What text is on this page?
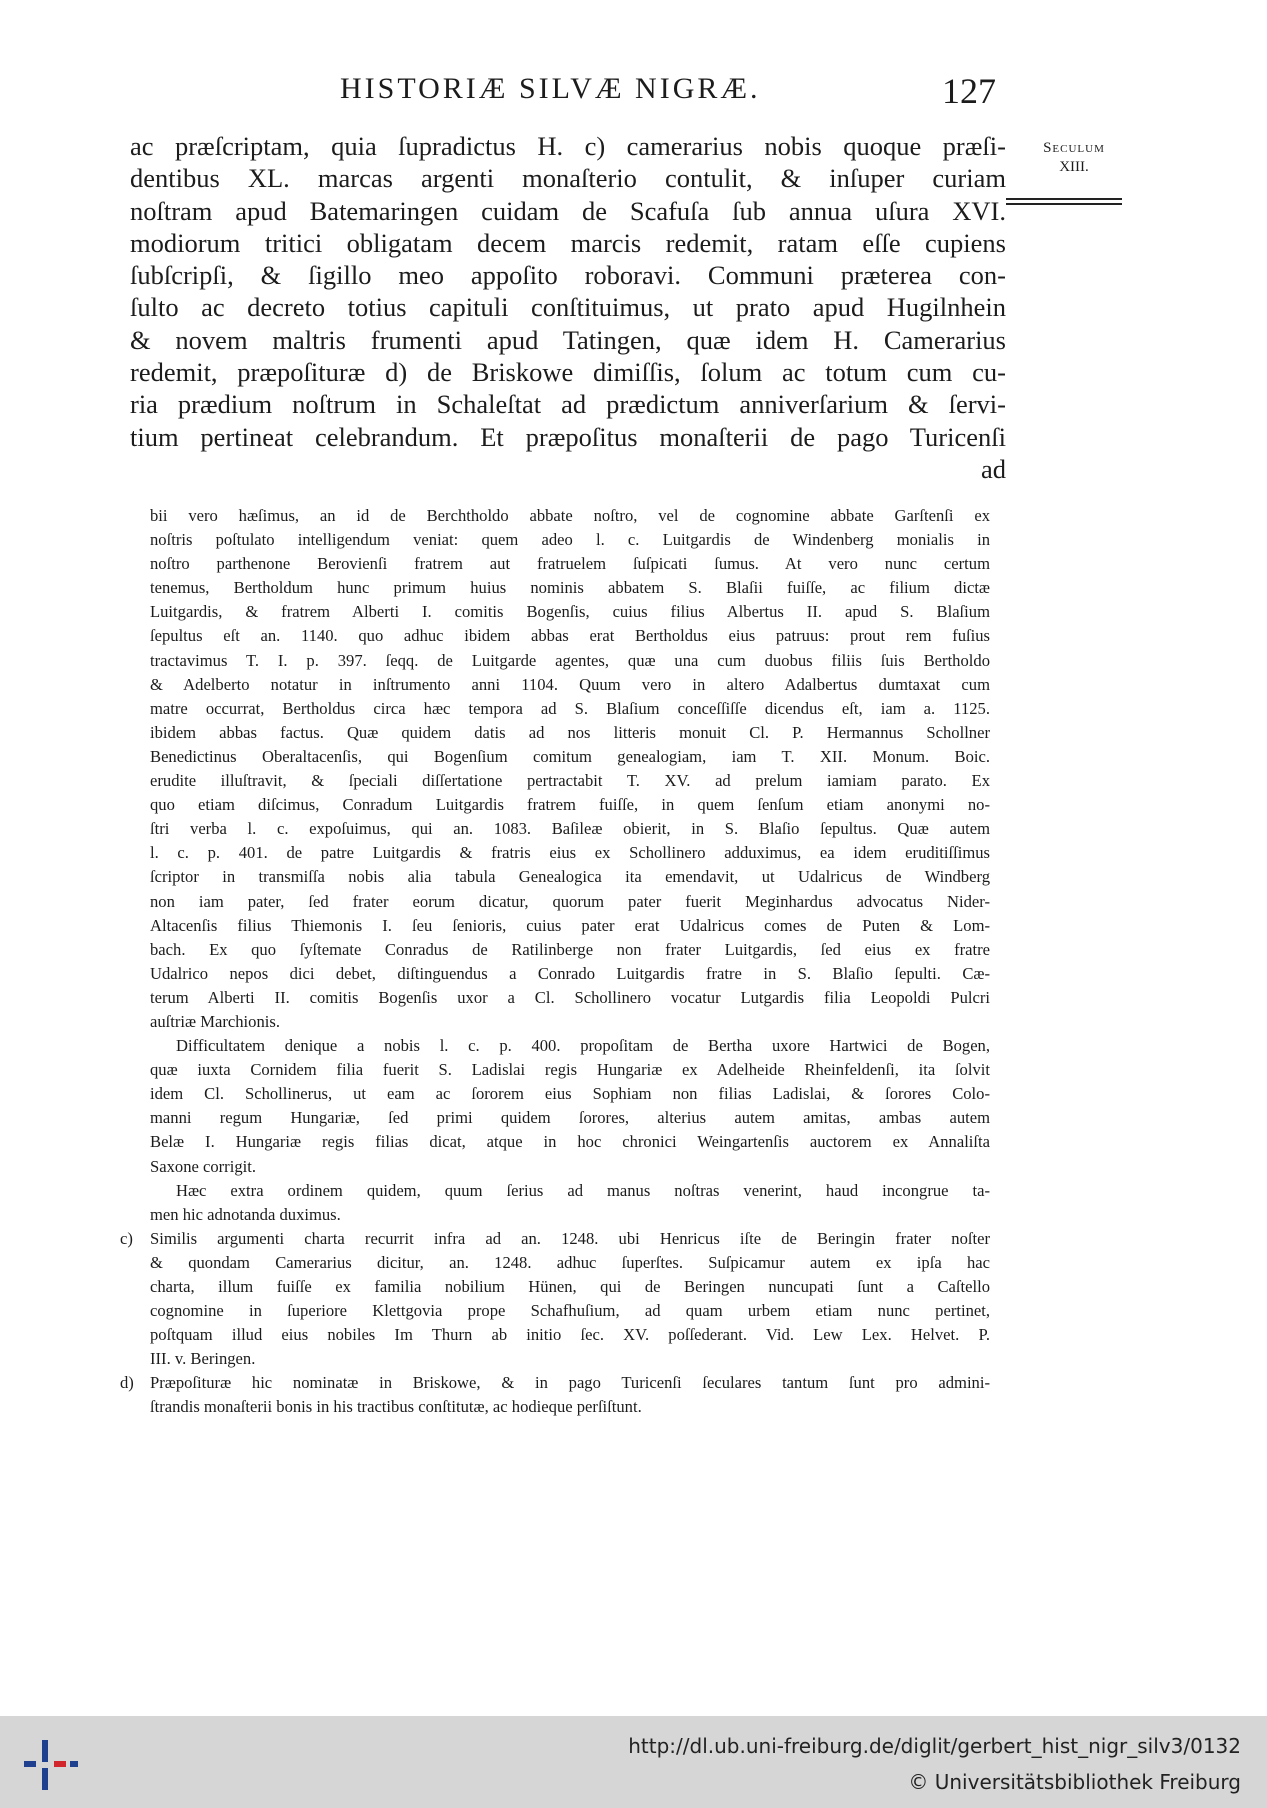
HISTORIÆ SILVÆ NIGRÆ.	127
Seculum
XIII.
ac præſcriptam, quia ſupradictus H. c) camerarius nobis quoque præſi-
dentibus XL. marcas argenti monaſterio contulit, & inſuper curiam
noſtram apud Batemaringen cuidam de Scafuſa ſub annua uſura XVI.
modiorum tritici obligatam decem marcis redemit, ratam eſſe cupiens
ſubſcripſi, & ſigillo meo appoſito roboravi. Communi præterea con-
ſulto ac decreto totius capituli conſtituimus, ut prato apud Hugilnhein
& novem maltris frumenti apud Tatingen, quæ idem H. Camerarius
redemit, præpoſituræ d) de Briskowe dimiſſis, ſolum ac totum cum cu-
ria prædium noſtrum in Schaleſtat ad prædictum anniverſarium & ſervi-
tium pertineat celebrandum. Et præpoſitus monaſterii de pago Turicenſi
ad
bii vero hæſimus, an id de Berchtholdo abbate noſtro, vel de cognomine abbate Garſtenſi ex
noſtris poſtulato intelligendum veniat: quem adeo l. c. Luitgardis de Windenberg monialis in
noſtro parthenone Berovienſi fratrem aut fratruelem ſuſpicati ſumus. At vero nunc certum
tenemus, Bertholdum hunc primum huius nominis abbatem S. Blaſii fuiſſe, ac filium dictæ
Luitgardis, & fratrem Alberti I. comitis Bogenſis, cuius filius Albertus II. apud S. Blaſium
ſepultus eſt an. 1140. quo adhuc ibidem abbas erat Bertholdus eius patruus: prout rem fuſius
tractavimus T. I. p. 397. ſeqq. de Luitgarde agentes, quæ una cum duobus filiis ſuis Bertholdo
& Adelberto notatur in inſtrumento anni 1104. Quum vero in altero Adalbertus dumtaxat cum
matre occurrat, Bertholdus circa hæc tempora ad S. Blaſium conceſſiſſe dicendus eſt, iam a. 1125.
ibidem abbas factus. Quæ quidem datis ad nos litteris monuit Cl. P. Hermannus Schollner
Benedictinus Oberaltacenſis, qui Bogenſium comitum genealogiam, iam T. XII. Monum. Boic.
erudite illuſtravit, & ſpeciali diſſertatione pertractabit T. XV. ad prelum iamiam parato. Ex
quo etiam diſcimus, Conradum Luitgardis fratrem fuiſſe, in quem ſenſum etiam anonymi no-
ſtri verba l. c. expoſuimus, qui an. 1083. Baſileæ obierit, in S. Blaſio ſepultus. Quæ autem
l. c. p. 401. de patre Luitgardis & fratris eius ex Schollinero adduximus, ea idem eruditiſſimus
ſcriptor in transmiſſa nobis alia tabula Genealogica ita emendavit, ut Udalricus de Windberg
non iam pater, ſed frater eorum dicatur, quorum pater fuerit Meginhardus advocatus Nider-
Altacenſis filius Thiemonis I. ſeu ſenioris, cuius pater erat Udalricus comes de Puten & Lom-
bach. Ex quo ſyſtemate Conradus de Ratilinberge non frater Luitgardis, ſed eius ex fratre
Udalrico nepos dici debet, diſtinguendus a Conrado Luitgardis fratre in S. Blaſio ſepulti. Cæ-
terum Alberti II. comitis Bogenſis uxor a Cl. Schollinero vocatur Lutgardis filia Leopoldi Pulcri
auſtriæ Marchionis.
Difficultatem denique a nobis l. c. p. 400. propoſitam de Bertha uxore Hartwici de Bogen,
quæ iuxta Cornidem filia fuerit S. Ladislai regis Hungariæ ex Adelheide Rheinfeldenſi, ita ſolvit
idem Cl. Schollinerus, ut eam ac ſororem eius Sophiam non filias Ladislai, & ſorores Colo-
manni regum Hungariæ, ſed primi quidem ſorores, alterius autem amitas, ambas autem
Belæ I. Hungariæ regis filias dicat, atque in hoc chronici Weingartenſis auctorem ex Annaliſta
Saxone corrigit.
Hæc extra ordinem quidem, quum ſerius ad manus noſtras venerint, haud incongrue ta-
men hic adnotanda duximus.
c) Similis argumenti charta recurrit infra ad an. 1248. ubi Henricus iſte de Beringin frater noſter
& quondam Camerarius dicitur, an. 1248. adhuc ſuperſtes. Suſpicamur autem ex ipſa hac
charta, illum fuiſſe ex familia nobilium Hünen, qui de Beringen nuncupati ſunt a Caſtello
cognomine in ſuperiore Klettgovia prope Schafhuſium, ad quam urbem etiam nunc pertinet,
poſtquam illud eius nobiles Im Thurn ab initio ſec. XV. poſſederant. Vid. Lew Lex. Helvet. P.
III. v. Beringen.
d) Præpoſituræ hic nominatæ in Briskowe, & in pago Turicenſi ſeculares tantum ſunt pro admini-
ſtrandis monaſterii bonis in his tractibus conſtitutæ, ac hodieque perſiſtunt.
http://dl.ub.uni-freiburg.de/diglit/gerbert_hist_nigr_silv3/0132
© Universitätsbibliothek Freiburg
